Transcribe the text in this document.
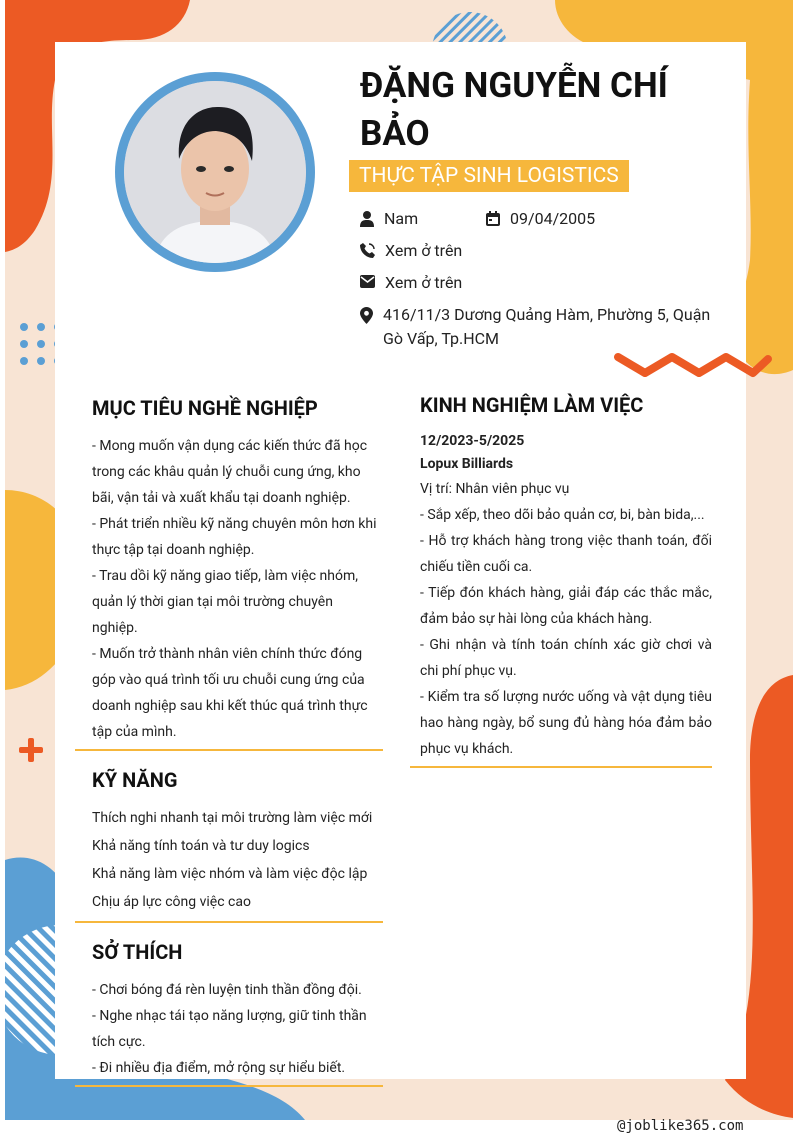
ĐẶNG NGUYỄN CHÍ BẢO
THỰC TẬP SINH LOGISTICS
Nam	09/04/2005
Xem ở trên
Xem ở trên
416/11/3 Dương Quảng Hàm, Phường 5, Quận Gò Vấp, Tp.HCM
MỤC TIÊU NGHỀ NGHIỆP

- Mong muốn vận dụng các kiến thức đã học trong các khâu quản lý chuỗi cung ứng, kho bãi, vận tải và xuất khẩu tại doanh nghiệp.

- Phát triển nhiều kỹ năng chuyên môn hơn khi thực tập tại doanh nghiệp.

- Trau dồi kỹ năng giao tiếp, làm việc nhóm, quản lý thời gian tại môi trường chuyên nghiệp.

- Muốn trở thành nhân viên chính thức đóng góp vào quá trình tối ưu chuỗi cung ứng của doanh nghiệp sau khi kết thúc quá trình thực tập của mình.

KỸ NĂNG

Thích nghi nhanh tại môi trường làm việc mới

Khả năng tính toán và tư duy logics

Khả năng làm việc nhóm và làm việc độc lập

Chịu áp lực công việc cao

SỞ THÍCH

- Chơi bóng đá rèn luyện tinh thần đồng đội.

- Nghe nhạc tái tạo năng lượng, giữ tinh thần tích cực.

- Đi nhiều địa điểm, mở rộng sự hiểu biết.

KINH NGHIỆM LÀM VIỆC
12/2023-5/2025
Lopux Billiards

Vị trí: Nhân viên phục vụ

- Sắp xếp, theo dõi bảo quản cơ, bi, bàn bida,...

- Hỗ trợ khách hàng trong việc thanh toán, đối chiếu tiền cuối ca.

- Tiếp đón khách hàng, giải đáp các thắc mắc, đảm bảo sự hài lòng của khách hàng.

- Ghi nhận và tính toán chính xác giờ chơi và chi phí phục vụ.

- Kiểm tra số lượng nước uống và vật dụng tiêu hao hàng ngày, bổ sung đủ hàng hóa đảm bảo phục vụ khách.

@joblike365.com
